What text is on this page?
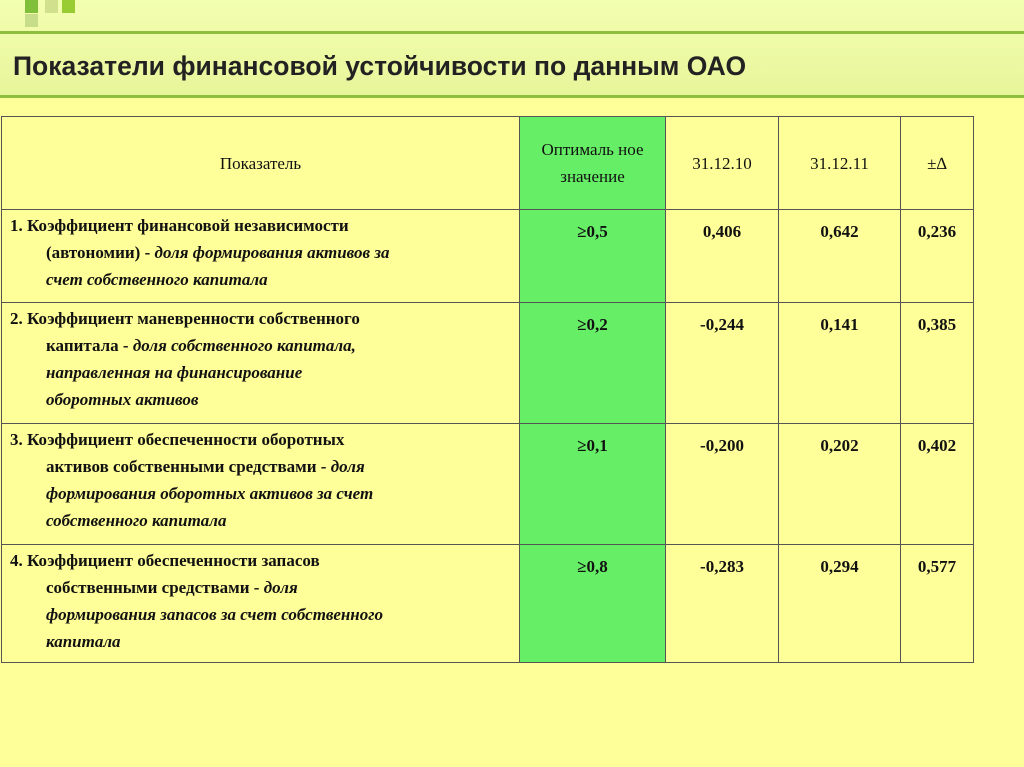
Показатели финансовой устойчивости по данным ОАО
Показатель	Оптималь ное значение	31.12.10	31.12.11	±∆

1. Коэффициент финансовой независимости
(автономии) - доля формирования активов за
счет собственного капитала	≥0,5	0,406	0,642	0,236

2. Коэффициент маневренности собственного
капитала - доля собственного капитала,
направленная на финансирование
оборотных активов	≥0,2	-0,244	0,141	0,385

3. Коэффициент обеспеченности оборотных
активов собственными средствами - доля
формирования оборотных активов за счет
собственного капитала	≥0,1	-0,200	0,202	0,402

4. Коэффициент обеспеченности запасов
собственными средствами - доля
формирования запасов за счет собственного
капитала	≥0,8	-0,283	0,294	0,577
